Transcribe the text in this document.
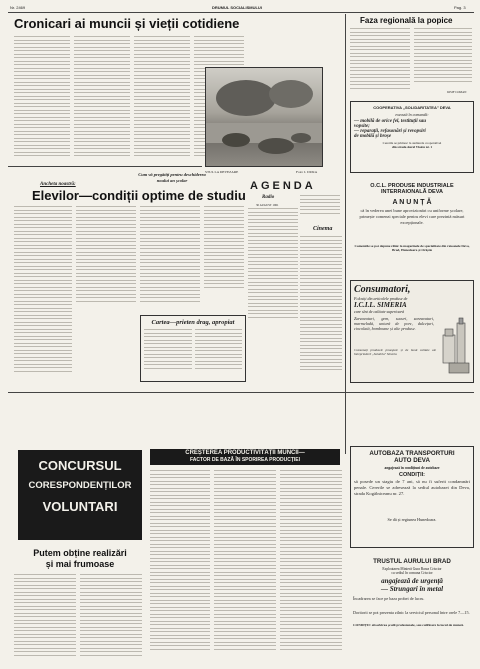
Nr. 2469	DRUMUL SOCIALISMULUI	Pag. 3
Cronicari ai muncii și vieții cotidiene
STUL LA DEVEZARE	Foto: I. DURA
AGENDA
Radio
30 AUGUST 1961
Cinema
Faza regională la popice
IOSIF COMAN
COOPERATIVA „SOLIDARITATEA" DEVA
execută în comandă:
— mobilă de orice fel, testituții sau
vopsite;
— reparații, refasonări și revopsiri
de mobilă și broșe
Cererile se primesc la atelierele cooperativei
din strada Aurel Vlaicu nr. 1
O.C.L. PRODUSE INDUSTRIALE
INTERRAIONALĂ DEVA
A N U N Ț Ă
că în vederea unei bune aprovizionări cu uniforme școlare, primește comenzi speciale pentru elevi care prezintă măsuri excepționale.
Comenzile se pot depune zilnic la magazinele de specialitate din raioanele Deva, Brad, Hunedoara și Orăștie
Consumatori,
Folosiți din articolele produse de
I.C.I.L. SIMERIA
care sînt de calitate superioară
Zarzavaturi, gem, sucuri, zarzavaturi, marmeladă, untură de porc, dulcețuri, ciocolată, bomboane și alte produse.
Consumați produsele proaspete și de bună calitate ale întreprinderii „Salubria" Simeria
Ancheta noastră:
Cum vă pregătiți pentru deschiderea
noului an școlar
Elevilor—condiții optime de studiu
Cartea—prieten drag, apropiat
CONCURSUL
CORESPONDENȚILOR
VOLUNTARI
Putem obține realizări
și mai frumoase
CREȘTEREA PRODUCTIVITĂȚII MUNCII—
FACTOR DE BAZĂ ÎN SPORIREA PRODUCȚIEI
AUTOBAZA TRANSPORTURI
AUTO DEVA
angajează în condițiuni de autobaze
CONDIȚII:
să posede un stagiu de 7 ani, să nu fi suferit condamnări penale. Cererile se adresează la sediul autobazei din Deva, strada Kogălniceanu nr. 27.
Se dă și regiunea Hunedoara.
TRUSTUL AURULUI BRAD
Exploatarea Minieră Gura Barza Criscior
cu sediul în comuna Criscior
angajează de urgență
— Strungari în metal
Încadrarea se face pe baza probei de lucru.
Doritorii se pot prezenta zilnic la serviciul personal între orele 7—15.
CONDIȚII: absolvirea școlii profesionale, sau calificare la locul de muncă.
